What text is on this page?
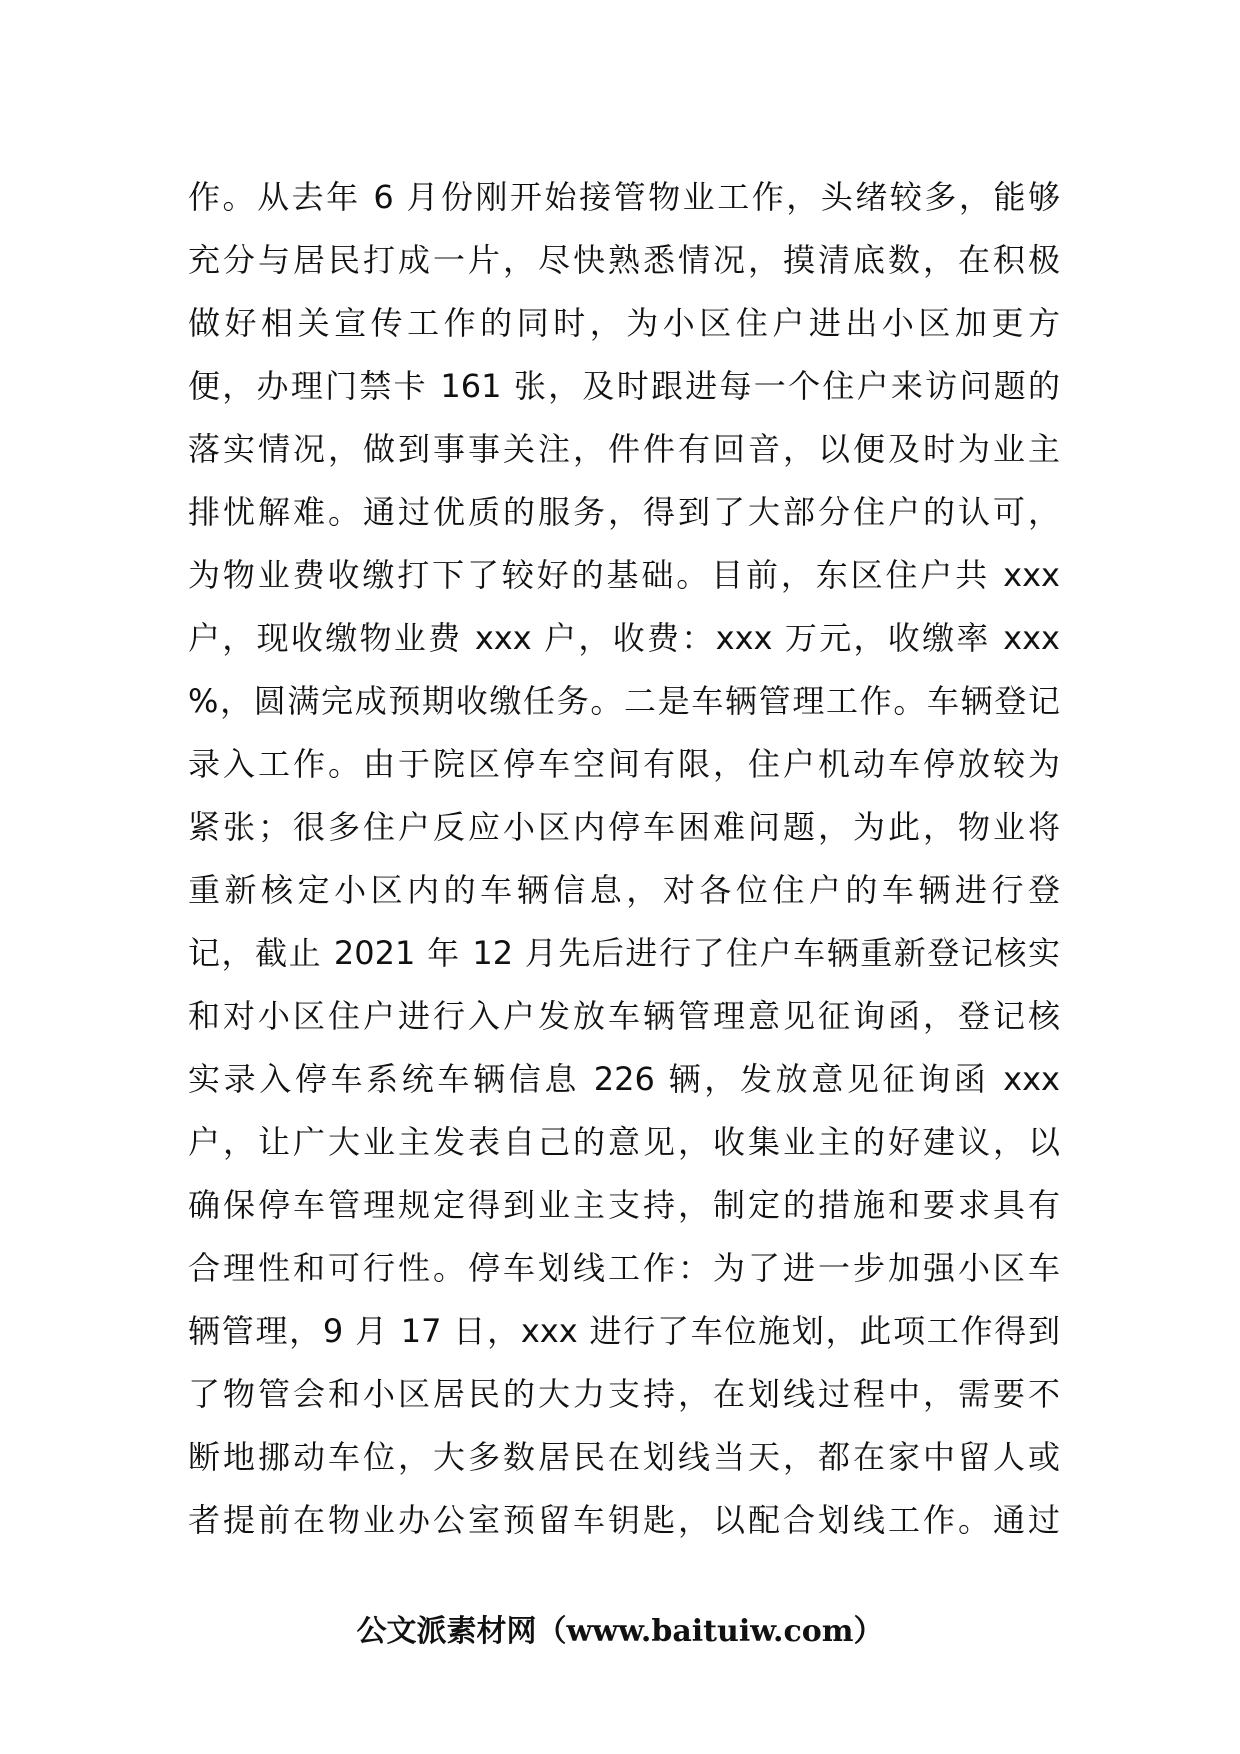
作。从去年 6 月份刚开始接管物业工作，头绪较多，能够
充分与居民打成一片，尽快熟悉情况，摸清底数，在积极
做好相关宣传工作的同时，为小区住户进出小区加更方
便，办理门禁卡 161 张，及时跟进每一个住户来访问题的
落实情况，做到事事关注，件件有回音，以便及时为业主
排忧解难。通过优质的服务，得到了大部分住户的认可，
为物业费收缴打下了较好的基础。目前，东区住户共 xxx
户，现收缴物业费 xxx 户，收费：xxx 万元，收缴率 xxx
%，圆满完成预期收缴任务。二是车辆管理工作。车辆登记
录入工作。由于院区停车空间有限，住户机动车停放较为
紧张；很多住户反应小区内停车困难问题，为此，物业将
重新核定小区内的车辆信息，对各位住户的车辆进行登
记，截止 2021 年 12 月先后进行了住户车辆重新登记核实
和对小区住户进行入户发放车辆管理意见征询函，登记核
实录入停车系统车辆信息 226 辆，发放意见征询函 xxx
户，让广大业主发表自己的意见，收集业主的好建议，以
确保停车管理规定得到业主支持，制定的措施和要求具有
合理性和可行性。停车划线工作：为了进一步加强小区车
辆管理，9 月 17 日，xxx 进行了车位施划，此项工作得到
了物管会和小区居民的大力支持，在划线过程中，需要不
断地挪动车位，大多数居民在划线当天，都在家中留人或
者提前在物业办公室预留车钥匙，以配合划线工作。通过
公文派素材网（www.baituiw.com）
